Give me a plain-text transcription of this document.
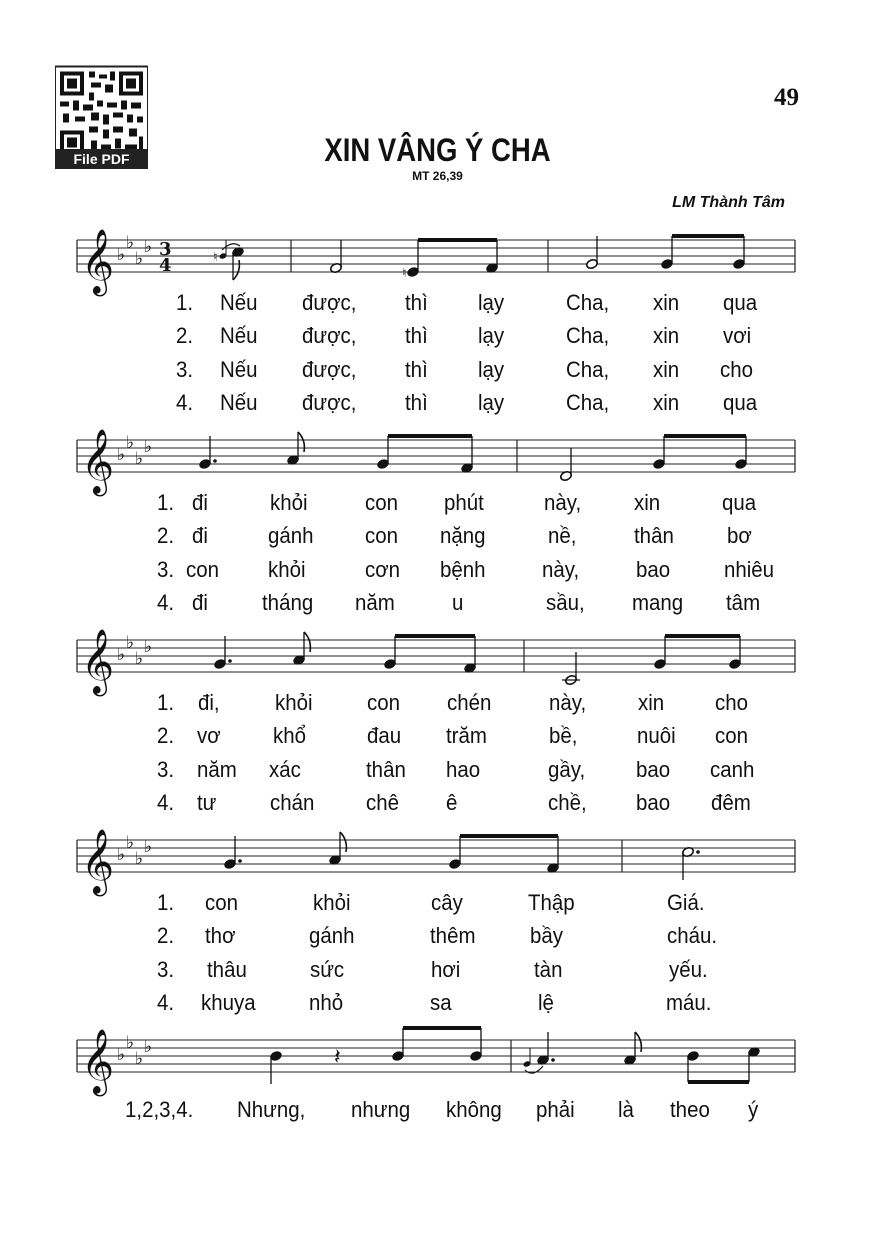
File PDF
49
XIN VÂNG Ý CHA
MT 26,39
LM Thành Tâm
𝄞 ♭
♭
♭
♭ 3
4	♮
♮
𝄞 ♭
♭
♭
♭
𝄞 ♭
♭
♭
♭
𝄞 ♭
♭
♭
♭
𝄞 ♭
♭
♭
♭	𝄽
1. Nếu được, thì lạy	Cha, xin qua
2. Nếu được, thì lạy	Cha, xin vơi
3. Nếu được, thì lạy	Cha, xin cho
4. Nếu được, thì lạy	Cha, xin qua
1. đi	khỏi	con phút	này, xin	qua
2. đi	gánh con nặng	nề,	thân bơ
3. con khỏi	cơn bệnh	này,	bao nhiêu
4. đi tháng năm	u	sầu, mang tâm
1. đi,	khỏi con chén	này, xin cho
2. vơ khổ	đau trăm	bề,	nuôi con
3. năm xác	thân hao	gầy, bao canh
4. tư chán chê ê	chề, bao đêm
1. con	khỏi	cây	Thập	Giá.
2. thơ	gánh	thêm bầy	cháu.
3. thâu	sức	hơi	tàn	yếu.
4. khuya nhỏ	sa	lệ	máu.
1,2,3,4. Nhưng, nhưng không phải là theo ý
